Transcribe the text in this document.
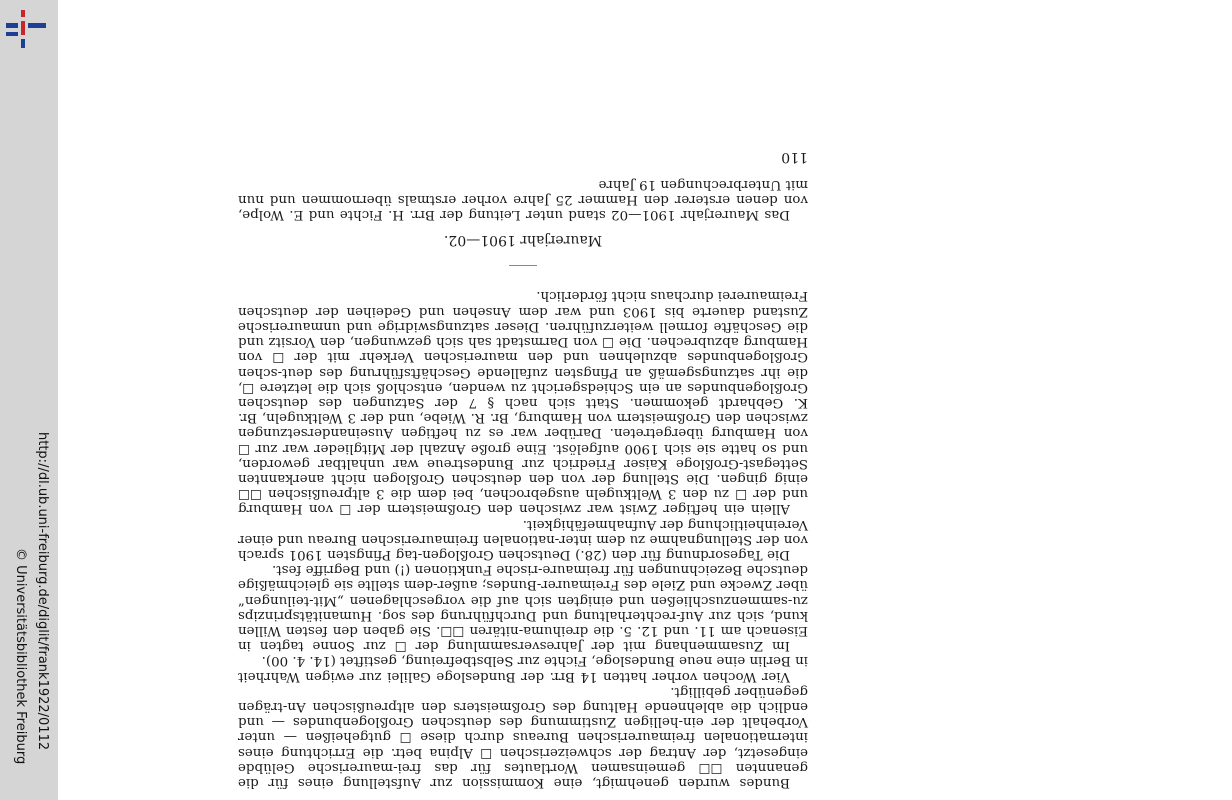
Bundes wurden genehmigt, eine Kommission zur Aufstellung eines für die genannten ☐☐ gemeinsamen Wortlautes für das frei-maurerische Gelübde eingesetzt, der Antrag der schweizerischen ☐ Alpina betr. die Errichtung eines internationalen freimaurerischen Bureaus durch diese ☐ gutgeheißen — unter Vorbehalt der ein-helligen Zustimmung des deutschen Großlogenbundes — und endlich die ablehnende Haltung des Großmeisters den altpreußischen An-trägen gegenüber gebilligt.

Vier Wochen vorher hatten 14 Brr. der Bundesloge Galilei zur ewigen Wahrheit in Berlin eine neue Bundesloge, Fichte zur Selbstbefreiung, gestiftet (14. 4. 00).

Im Zusammenhang mit der Jahresversammlung der ☐ zur Sonne tagten in Eisenach am 11. und 12. 5. die dreihuma-nitären ☐☐. Sie gaben den festen Willen kund, sich zur Auf-rechterhaltung und Durchführung des sog. Humanitätsprinzips zu-sammenzuschließen und einigten sich auf die vorgeschlagenen „Mit-teilungen“ über Zwecke und Ziele des Freimaurer-Bundes; außer-dem stellte sie gleichmäßige deutsche Bezeichnungen für freimaure-rische Funktionen (!) und Begriffe fest.

Die Tagesordnung für den (28.) Deutschen Großlogen-tag Pfingsten 1901 sprach von der Stellungnahme zu dem inter-nationalen freimaurerischen Bureau und einer Vereinheitlichung der Aufnahmefähigkeit.

Allein ein heftiger Zwist war zwischen den Großmeistern der ☐ von Hamburg und der ☐ zu den 3 Weltkugeln ausgebrochen, bei dem die 3 altpreußischen ☐☐ einig gingen. Die Stellung der von den deutschen Großlogen nicht anerkannten Settegast-Großloge Kaiser Friedrich zur Bundestreue war unhaltbar geworden, und so hatte sie sich 1900 aufgelöst. Eine große Anzahl der Mitglieder war zur ☐ von Hamburg übergetreten. Darüber war es zu heftigen Auseinandersetzungen zwischen den Großmeistern von Hamburg, Br. R. Wiebe, und der 3 Weltkugeln, Br. K. Gebhardt gekommen. Statt sich nach § 7 der Satzungen des deutschen Großlogenbundes an ein Schiedsgericht zu wenden, entschloß sich die letztere ☐, die ihr satzungsgemäß an Pfingsten zufallende Geschäftsführung des deut-schen Großlogenbundes abzulehnen und den maurerischen Verkehr mit der ☐ von Hamburg abzubrechen. Die ☐ von Darmstadt sah sich gezwungen, den Vorsitz und die Geschäfte formell weiterzuführen. Dieser satzungswidrige und unmaurerische Zustand dauerte bis 1903 und war dem Ansehen und Gedeihen der deutschen Freimaurerei durchaus nicht förderlich.

Maurerjahr 1901—02.

Das Maurerjahr 1901—02 stand unter Leitung der Brr. H. Fichte und E. Wolpe, von denen ersterer den Hammer 25 Jahre vorher erstmals übernommen und nun mit Unterbrechungen 19 Jahre

110

http://dl.ub.uni-freiburg.de/diglit/frank1922/0112
© Universitätsbibliothek Freiburg
